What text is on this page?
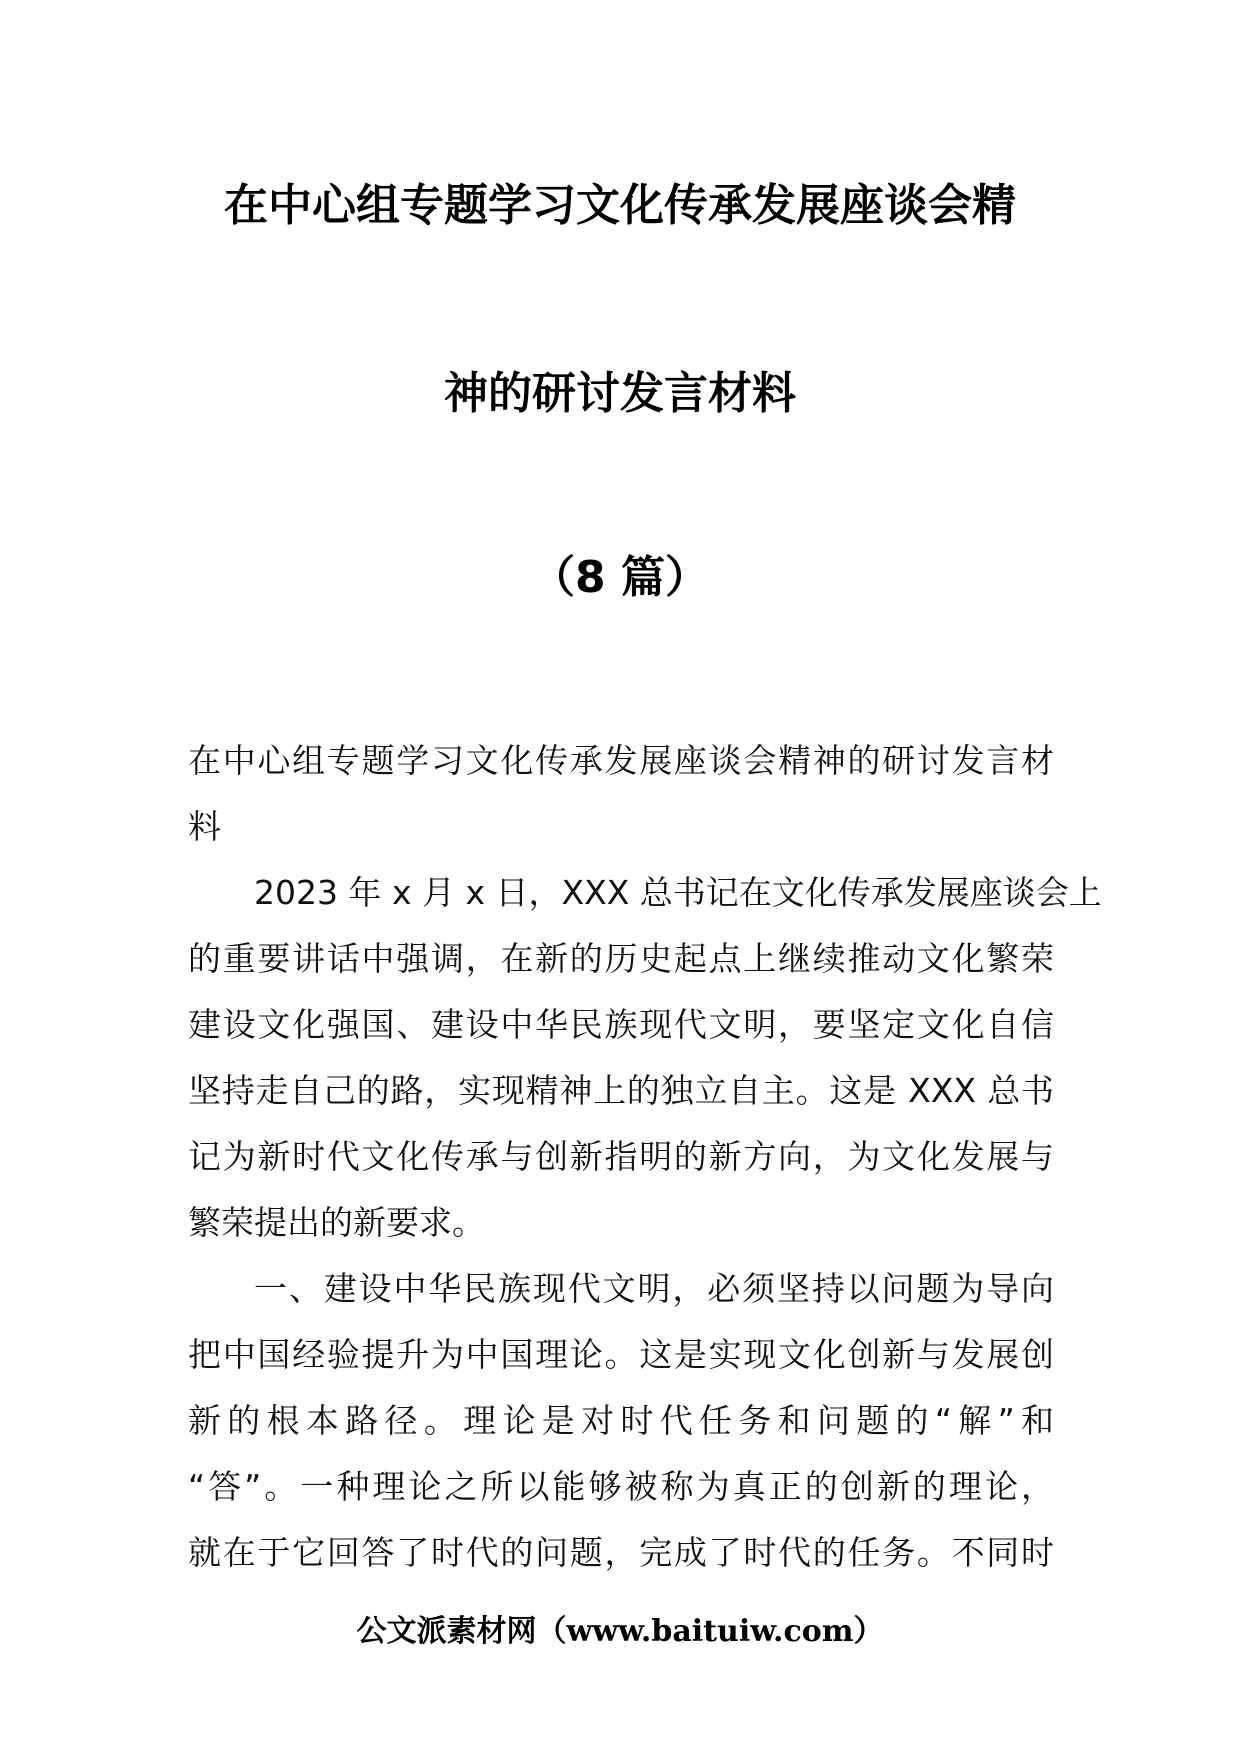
在中心组专题学习文化传承发展座谈会精
神的研讨发言材料
（8 篇）
在中心组专题学习文化传承发展座谈会精神的研讨发言材
料
2023 年 x 月 x 日，XXX 总书记在文化传承发展座谈会上
的重要讲话中强调，在新的历史起点上继续推动文化繁荣
建设文化强国、建设中华民族现代文明，要坚定文化自信
坚持走自己的路，实现精神上的独立自主。这是 XXX 总书
记为新时代文化传承与创新指明的新方向，为文化发展与
繁荣提出的新要求。
一、建设中华民族现代文明，必须坚持以问题为导向
把中国经验提升为中国理论。这是实现文化创新与发展创
新的根本路径。理论是对时代任务和问题的“解”和
“答”。一种理论之所以能够被称为真正的创新的理论，
就在于它回答了时代的问题，完成了时代的任务。不同时
公文派素材网（www.baituiw.com）
